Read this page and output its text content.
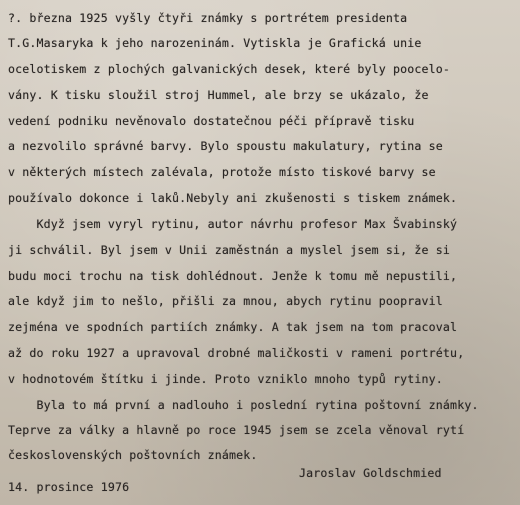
?. března 1925 vyšly čtyři známky s portrétem presidenta
T.G.Masaryka k jeho narozeninám. Vytiskla je Grafická unie
ocelotiskem z plochých galvanických desek, které byly poocelo-
vány. K tisku sloužil stroj Hummel, ale brzy se ukázalo, že
vedení podniku nevěnovalo dostatečnou péči přípravě tisku
a nezvolilo správné barvy. Bylo spoustu makulatury, rytina se
v některých místech zalévala, protože místo tiskové barvy se
používalo dokonce i laků.Nebyly ani zkušenosti s tiskem známek.
Když jsem vyryl rytinu, autor návrhu profesor Max Švabinský
ji schválil. Byl jsem v Unii zaměstnán a myslel jsem si, že si
budu moci trochu na tisk dohlédnout. Jenže k tomu mě nepustili,
ale když jim to nešlo, přišli za mnou, abych rytinu poopravil
zejména ve spodních partiích známky. A tak jsem na tom pracoval
až do roku 1927 a upravoval drobné maličkosti v rameni portrétu,
v hodnotovém štítku i jinde. Proto vzniklo mnoho typů rytiny.
Byla to má první a nadlouho i poslední rytina poštovní známky.
Teprve za války a hlavně po roce 1945 jsem se zcela věnoval rytí
československých poštovních známek.
Jaroslav Goldschmied
14. prosince 1976
